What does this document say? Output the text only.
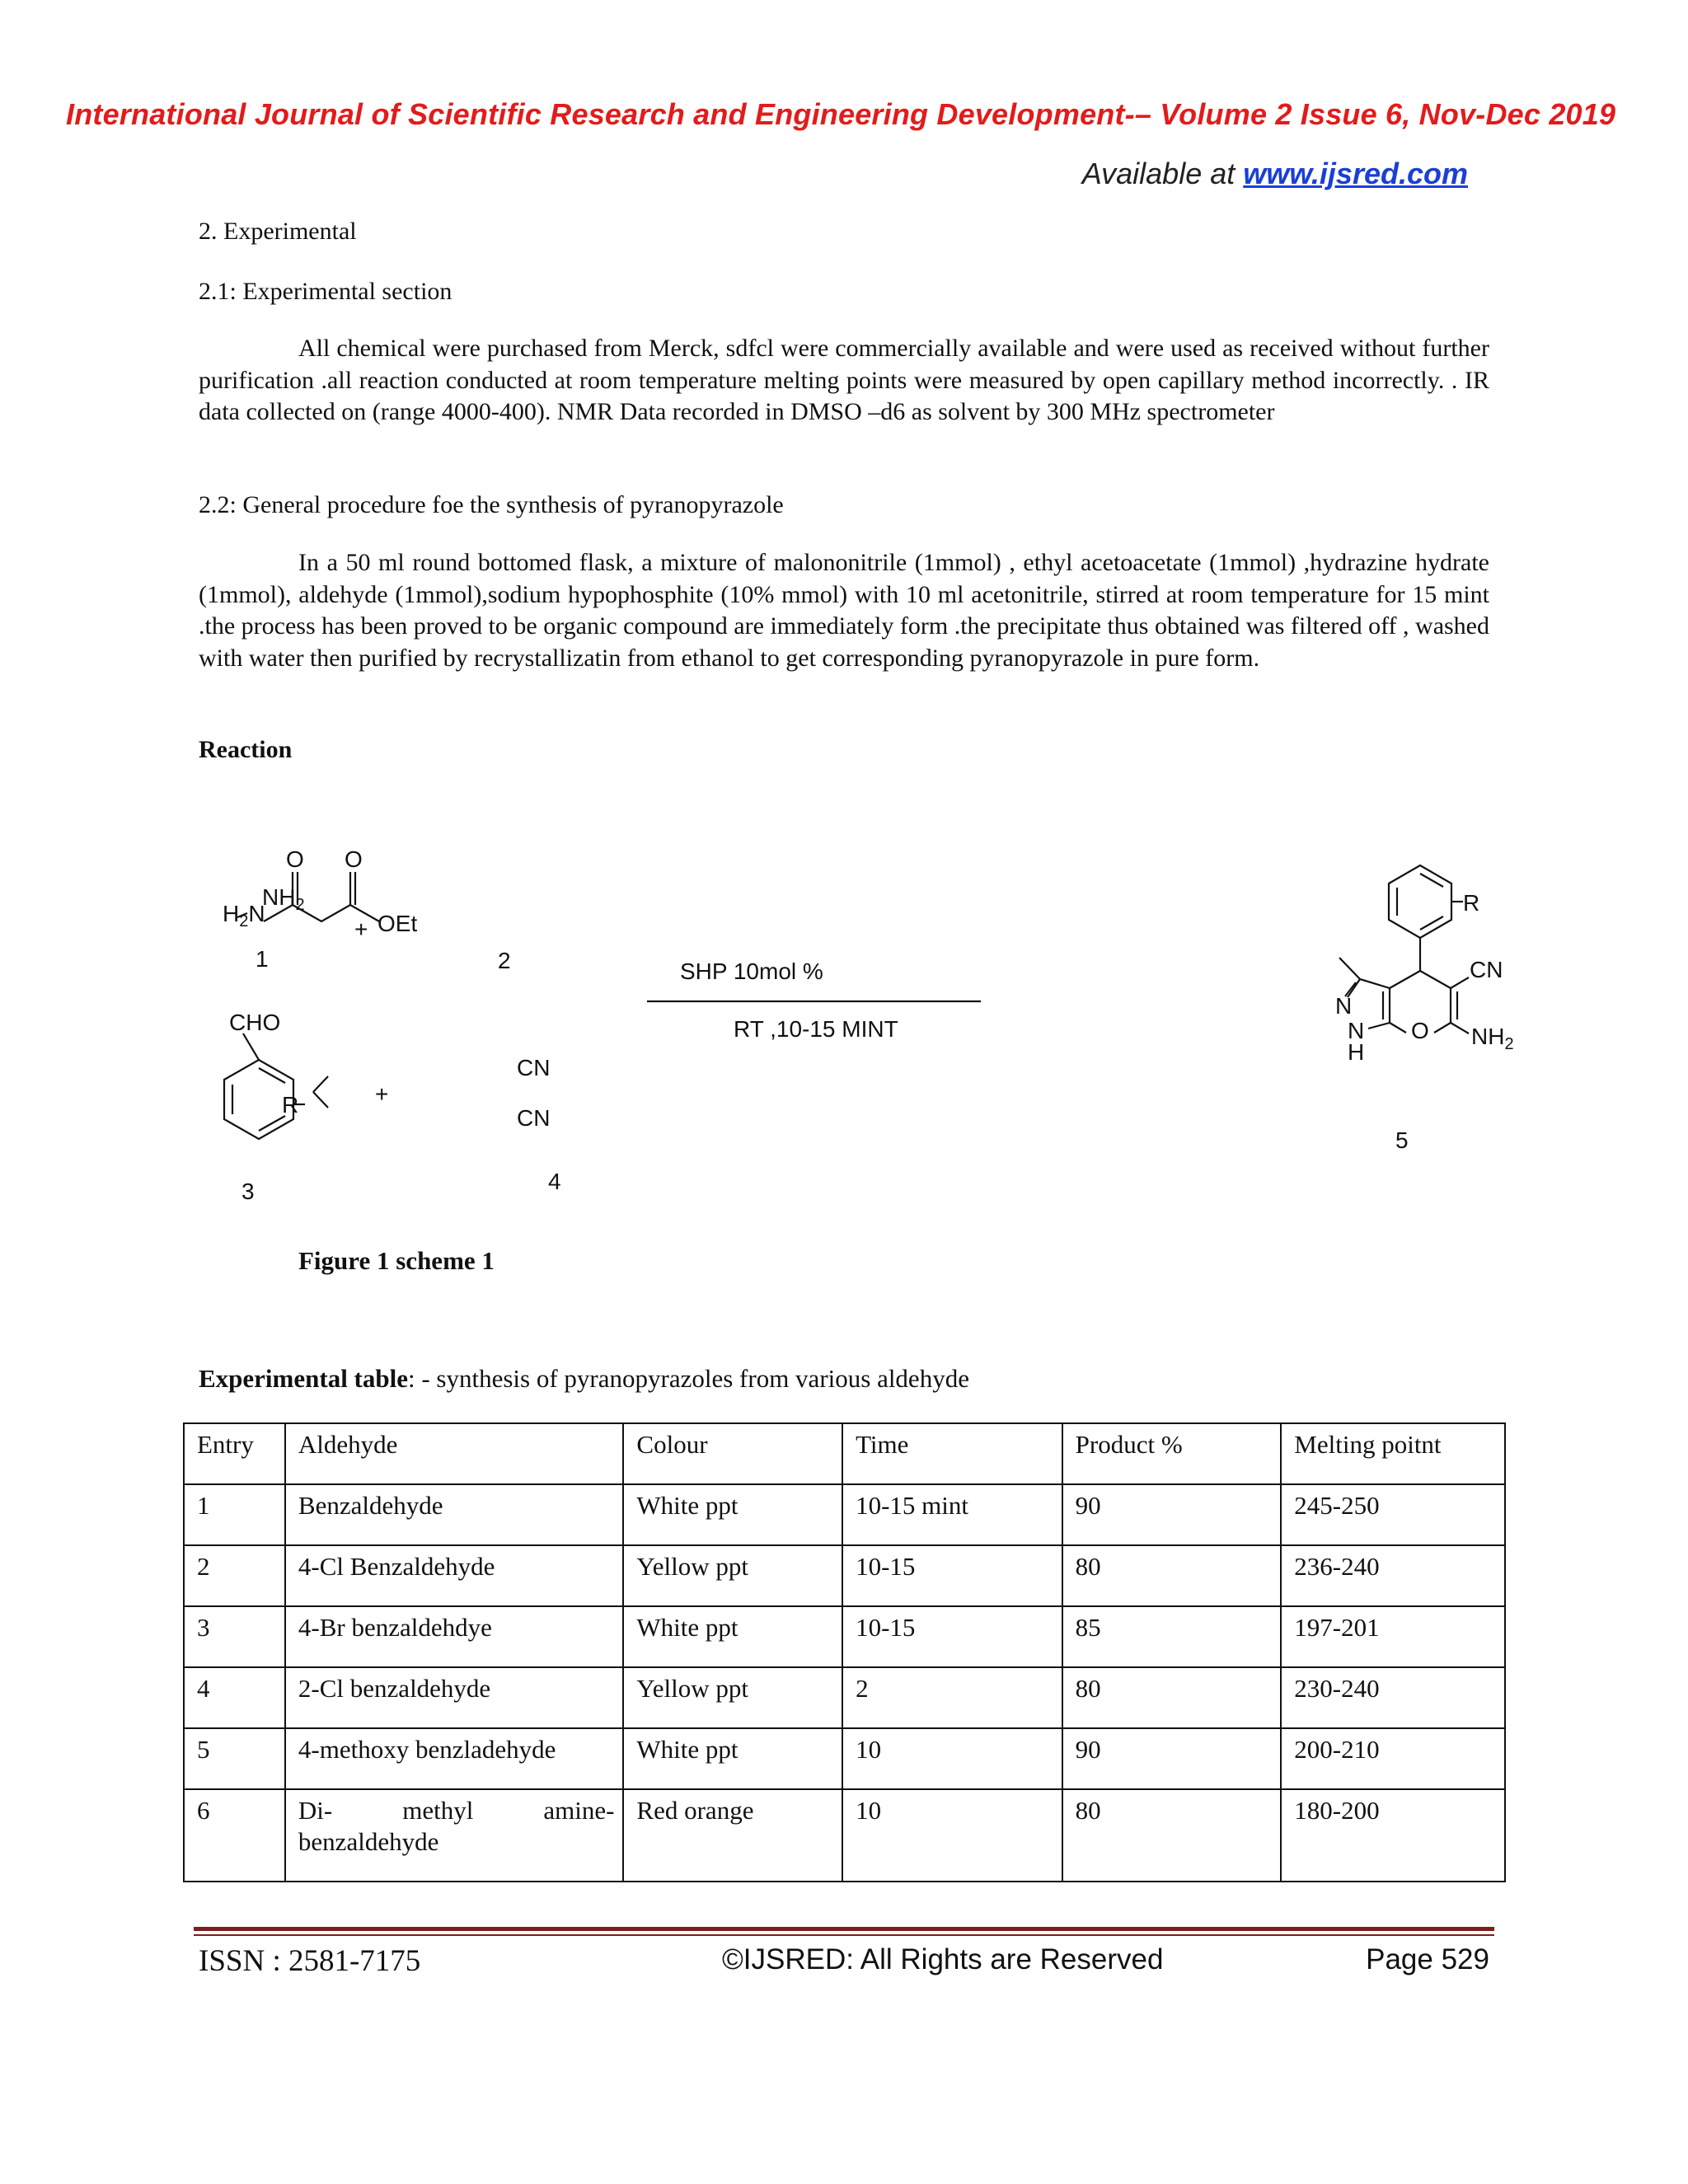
International Journal of Scientific Research and Engineering Development-– Volume 2 Issue 6, Nov-Dec 2019
Available at www.ijsred.com
2. Experimental
2.1: Experimental section
All chemical were purchased from Merck, sdfcl were commercially available and were used as received without further purification .all reaction conducted at room temperature melting points were measured by open capillary method incorrectly. . IR data collected on (range 4000-400). NMR Data recorded in DMSO –d6 as solvent by 300 MHz spectrometer
2.2: General procedure foe the synthesis of pyranopyrazole
In a 50 ml round bottomed flask, a mixture of malononitrile (1mmol) , ethyl acetoacetate (1mmol) ,hydrazine hydrate (1mmol), aldehyde (1mmol),sodium hypophosphite (10% mmol) with 10 ml acetonitrile, stirred at room temperature for 15 mint .the process has been proved to be organic compound are immediately form .the precipitate thus obtained was filtered off , washed with water then purified by recrystallizatin from ethanol to get corresponding pyranopyrazole in pure form.
Reaction
$H_2N$
$NH_2$
1
+
O O
OEt
2
CHO
R	+
CN
CN
3	4
SHP 10mol %
RT ,10-15 MINT
R
CN
N
N
H
O $NH_2$
5
Figure 1 scheme 1
Experimental table: - synthesis of pyranopyrazoles from various aldehyde
Entry	Aldehyde	Colour	Time	Product %	Melting poitnt
1	Benzaldehyde	White ppt	10-15 mint	90	245-250
2	4-Cl Benzaldehyde	Yellow ppt	10-15	80	236-240
3	4-Br benzaldehdye	White ppt	10-15	85	197-201
4	2-Cl benzaldehyde	Yellow ppt	2	80	230-240
5	4-methoxy benzladehyde	White ppt	10	90	200-210
6	Di- methyl amine- benzaldehyde	Red orange	10	80	180-200
ISSN : 2581-7175	©IJSRED: All Rights are Reserved	Page 529
